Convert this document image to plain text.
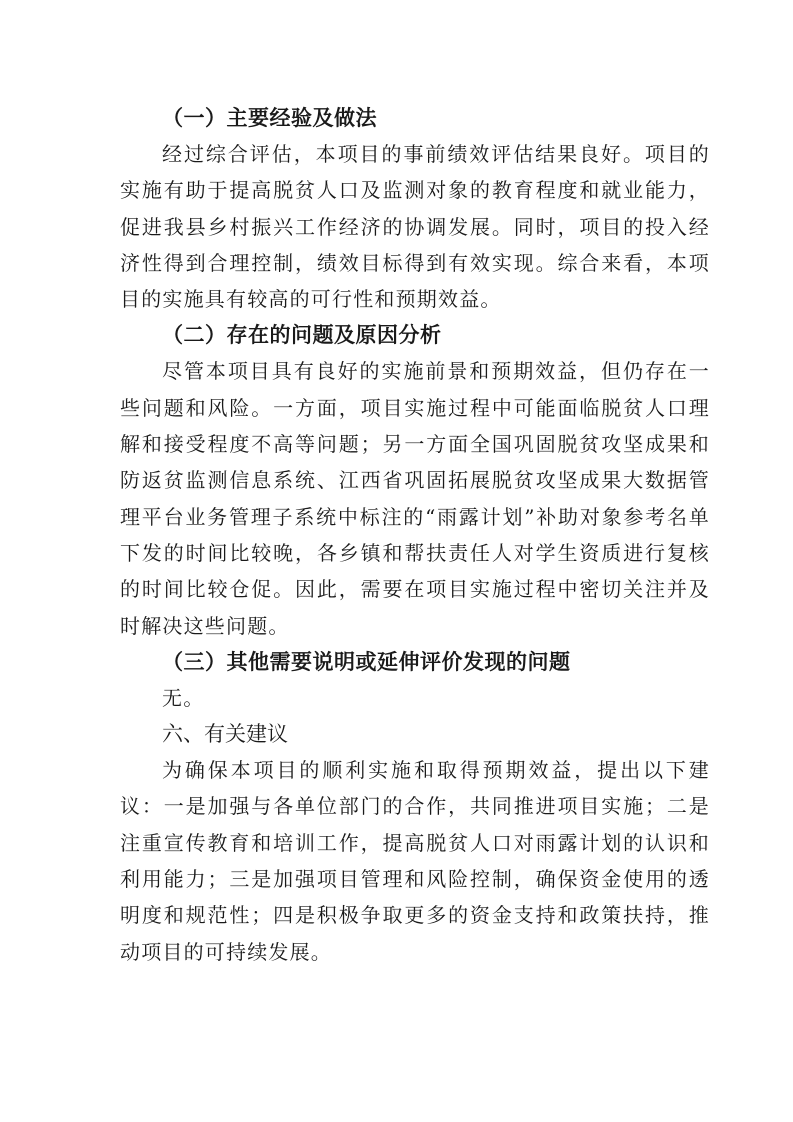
（一）主要经验及做法

经过综合评估，本项目的事前绩效评估结果良好。项目的实施有助于提高脱贫人口及监测对象的教育程度和就业能力，促进我县乡村振兴工作经济的协调发展。同时，项目的投入经济性得到合理控制，绩效目标得到有效实现。综合来看，本项目的实施具有较高的可行性和预期效益。

（二）存在的问题及原因分析

尽管本项目具有良好的实施前景和预期效益，但仍存在一些问题和风险。一方面，项目实施过程中可能面临脱贫人口理解和接受程度不高等问题；另一方面全国巩固脱贫攻坚成果和防返贫监测信息系统、江西省巩固拓展脱贫攻坚成果大数据管理平台业务管理子系统中标注的“雨露计划”补助对象参考名单下发的时间比较晚，各乡镇和帮扶责任人对学生资质进行复核的时间比较仓促。因此，需要在项目实施过程中密切关注并及时解决这些问题。

（三）其他需要说明或延伸评价发现的问题

无。

六、有关建议

为确保本项目的顺利实施和取得预期效益，提出以下建议：一是加强与各单位部门的合作，共同推进项目实施；二是注重宣传教育和培训工作，提高脱贫人口对雨露计划的认识和利用能力；三是加强项目管理和风险控制，确保资金使用的透明度和规范性；四是积极争取更多的资金支持和政策扶持，推动项目的可持续发展。
